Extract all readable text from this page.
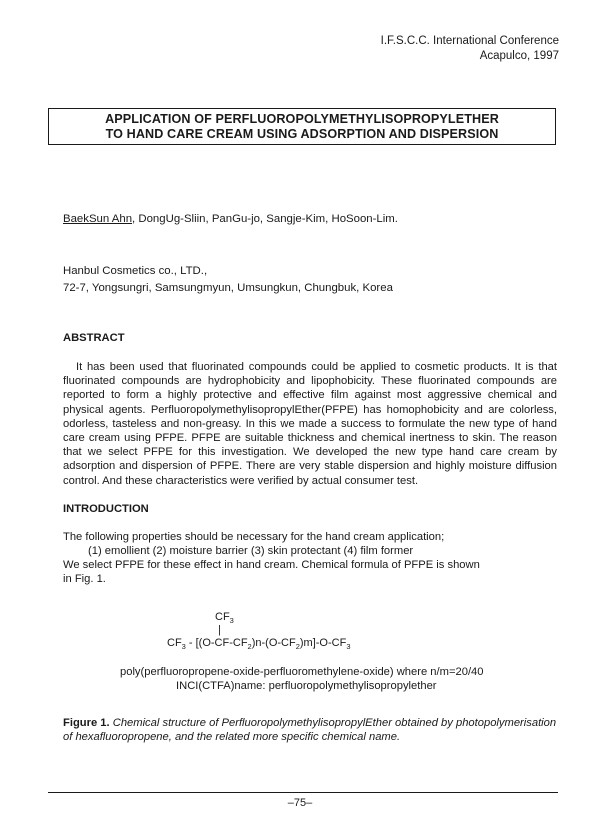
I.F.S.C.C. International Conference
Acapulco, 1997
APPLICATION OF PERFLUOROPOLYMETHYLISOPROPYLETHER
TO HAND CARE CREAM USING ADSORPTION AND DISPERSION
BaekSun Ahn, DongUg-Sliin, PanGu-jo, Sangje-Kim, HoSoon-Lim.
Hanbul Cosmetics co., LTD.,
72-7, Yongsungri, Samsungmyun, Umsungkun, Chungbuk, Korea
ABSTRACT
It has been used that fluorinated compounds could be applied to cosmetic products. It is that fluorinated compounds are hydrophobicity and lipophobicity. These fluorinated compounds are reported to form a highly protective and effective film against most aggressive chemical and physical agents. PerfluoropolymethylisopropylEther(PFPE) has homophobicity and are colorless, odorless, tasteless and non-greasy. In this we made a success to formulate the new type of hand care cream using PFPE. PFPE are suitable thickness and chemical inertness to skin. The reason that we select PFPE for this investigation. We developed the new type hand care cream by adsorption and dispersion of PFPE. There are very stable dispersion and highly moisture diffusion control. And these characteristics were verified by actual consumer test.
INTRODUCTION
The following properties should be necessary for the hand cream application;
(1) emollient (2) moisture barrier (3) skin protectant (4) film former
We select PFPE for these effect in hand cream. Chemical formula of PFPE is shown
in Fig. 1.
$CF_3$
|
$CF_3 - [(O-CF-CF_2)n-(O-CF_2)m]-O-CF_3$
poly(perfluoropropene-oxide-perfluoromethylene-oxide) where n/m=20/40
INCI(CTFA)name: perfluoropolymethylisopropylether
Figure 1. Chemical structure of PerfluoropolymethylisopropylEther obtained by photopolymerisation of hexafluoropropene, and the related more specific chemical name.
–75–
